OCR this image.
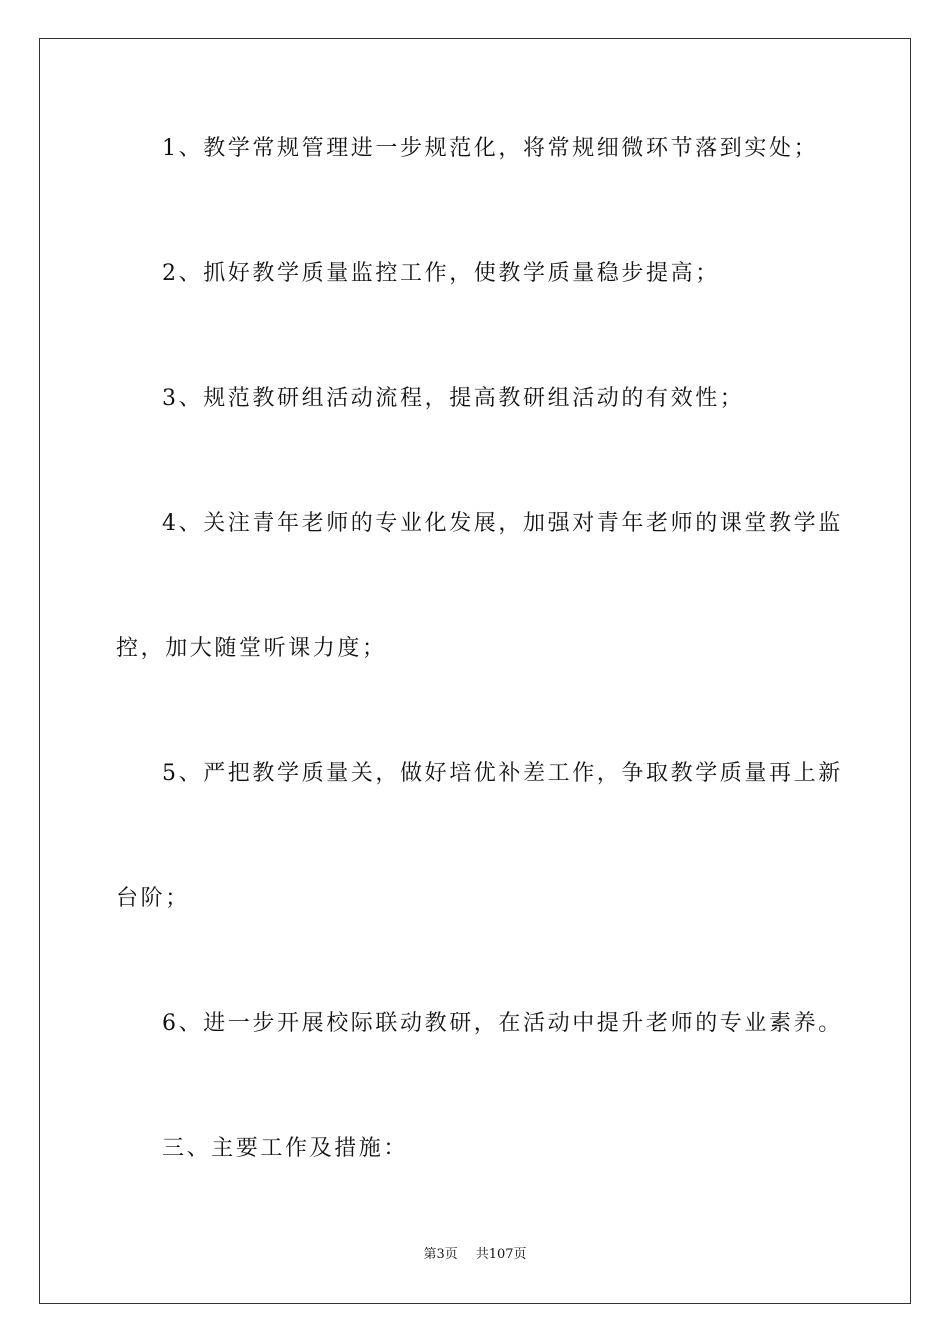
1、教学常规管理进一步规范化，将常规细微环节落到实处；
2、抓好教学质量监控工作，使教学质量稳步提高；
3、规范教研组活动流程，提高教研组活动的有效性；
4、关注青年老师的专业化发展，加强对青年老师的课堂教学监
控，加大随堂听课力度；
5、严把教学质量关，做好培优补差工作，争取教学质量再上新
台阶；
6、进一步开展校际联动教研，在活动中提升老师的专业素养。
三、主要工作及措施：
第3页 共107页
